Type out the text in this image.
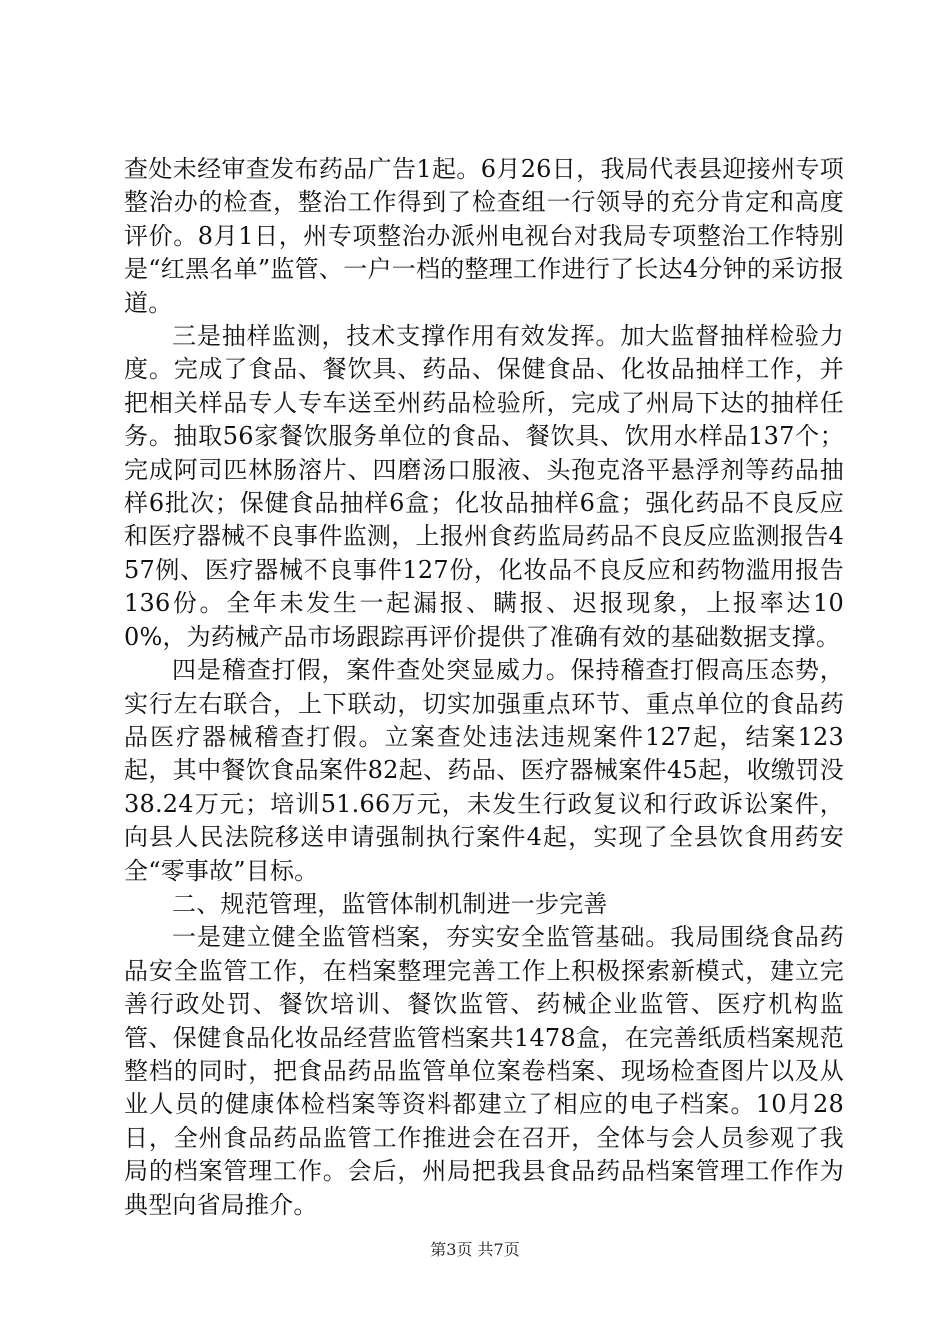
查处未经审查发布药品广告1起。6月26日，我局代表县迎接州专项整治办的检查，整治工作得到了检查组一行领导的充分肯定和高度评价。8月1日，州专项整治办派州电视台对我局专项整治工作特别是“红黑名单”监管、一户一档的整理工作进行了长达4分钟的采访报道。

三是抽样监测，技术支撑作用有效发挥。加大监督抽样检验力度。完成了食品、餐饮具、药品、保健食品、化妆品抽样工作，并把相关样品专人专车送至州药品检验所，完成了州局下达的抽样任务。抽取56家餐饮服务单位的食品、餐饮具、饮用水样品137个；完成阿司匹林肠溶片、四磨汤口服液、头孢克洛平悬浮剂等药品抽样6批次；保健食品抽样6盒；化妆品抽样6盒；强化药品不良反应和医疗器械不良事件监测，上报州食药监局药品不良反应监测报告457例、医疗器械不良事件127份，化妆品不良反应和药物滥用报告136份。全年未发生一起漏报、瞒报、迟报现象，上报率达100%，为药械产品市场跟踪再评价提供了准确有效的基础数据支撑。

四是稽查打假，案件查处突显威力。保持稽查打假高压态势，实行左右联合，上下联动，切实加强重点环节、重点单位的食品药品医疗器械稽查打假。立案查处违法违规案件127起，结案123起，其中餐饮食品案件82起、药品、医疗器械案件45起，收缴罚没38.24万元；培训51.66万元，未发生行政复议和行政诉讼案件，向县人民法院移送申请强制执行案件4起，实现了全县饮食用药安全“零事故”目标。

二、规范管理，监管体制机制进一步完善

一是建立健全监管档案，夯实安全监管基础。我局围绕食品药品安全监管工作，在档案整理完善工作上积极探索新模式，建立完善行政处罚、餐饮培训、餐饮监管、药械企业监管、医疗机构监管、保健食品化妆品经营监管档案共1478盒，在完善纸质档案规范整档的同时，把食品药品监管单位案卷档案、现场检查图片以及从业人员的健康体检档案等资料都建立了相应的电子档案。10月28日，全州食品药品监管工作推进会在召开，全体与会人员参观了我局的档案管理工作。会后，州局把我县食品药品档案管理工作作为典型向省局推介。

第3页 共7页
